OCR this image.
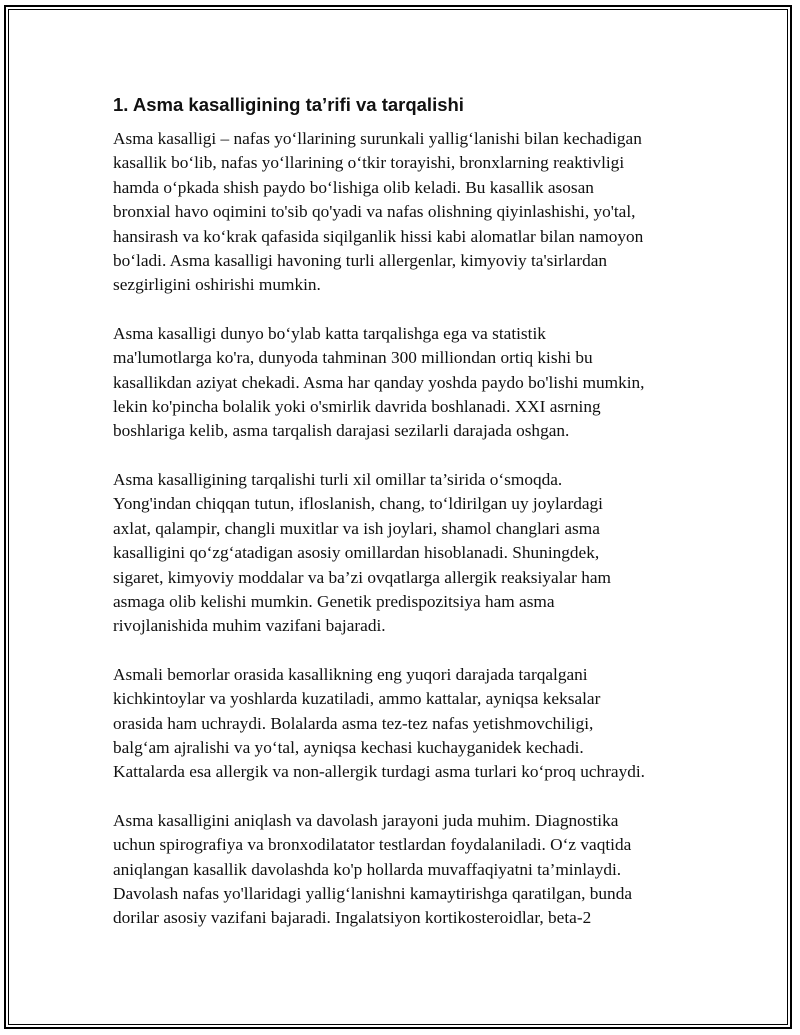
1. Asma kasalligining ta’rifi va tarqalishi
Asma kasalligi – nafas yo‘llarining surunkali yallig‘lanishi bilan kechadigan
kasallik bo‘lib, nafas yo‘llarining o‘tkir torayishi, bronxlarning reaktivligi
hamda o‘pkada shish paydo bo‘lishiga olib keladi. Bu kasallik asosan
bronxial havo oqimini to'sib qo'yadi va nafas olishning qiyinlashishi, yo'tal,
hansirash va ko‘krak qafasida siqilganlik hissi kabi alomatlar bilan namoyon
bo‘ladi. Asma kasalligi havoning turli allergenlar, kimyoviy ta'sirlardan
sezgirligini oshirishi mumkin.
Asma kasalligi dunyo bo‘ylab katta tarqalishga ega va statistik
ma'lumotlarga ko'ra, dunyoda tahminan 300 milliondan ortiq kishi bu
kasallikdan aziyat chekadi. Asma har qanday yoshda paydo bo'lishi mumkin,
lekin ko'pincha bolalik yoki o'smirlik davrida boshlanadi. XXI asrning
boshlariga kelib, asma tarqalish darajasi sezilarli darajada oshgan.
Asma kasalligining tarqalishi turli xil omillar ta’sirida o‘smoqda.
Yong'indan chiqqan tutun, ifloslanish, chang, to‘ldirilgan uy joylardagi
axlat, qalampir, changli muxitlar va ish joylari, shamol changlari asma
kasalligini qo‘zg‘atadigan asosiy omillardan hisoblanadi. Shuningdek,
sigaret, kimyoviy moddalar va ba’zi ovqatlarga allergik reaksiyalar ham
asmaga olib kelishi mumkin. Genetik predispozitsiya ham asma
rivojlanishida muhim vazifani bajaradi.
Asmali bemorlar orasida kasallikning eng yuqori darajada tarqalgani
kichkintoylar va yoshlarda kuzatiladi, ammo kattalar, ayniqsa keksalar
orasida ham uchraydi. Bolalarda asma tez-tez nafas yetishmovchiligi,
balg‘am ajralishi va yo‘tal, ayniqsa kechasi kuchayganidek kechadi.
Kattalarda esa allergik va non-allergik turdagi asma turlari ko‘proq uchraydi.
Asma kasalligini aniqlash va davolash jarayoni juda muhim. Diagnostika
uchun spirografiya va bronxodilatator testlardan foydalaniladi. O‘z vaqtida
aniqlangan kasallik davolashda ko'p hollarda muvaffaqiyatni ta’minlaydi.
Davolash nafas yo'llaridagi yallig‘lanishni kamaytirishga qaratilgan, bunda
dorilar asosiy vazifani bajaradi. Ingalatsiyon kortikosteroidlar, beta-2
